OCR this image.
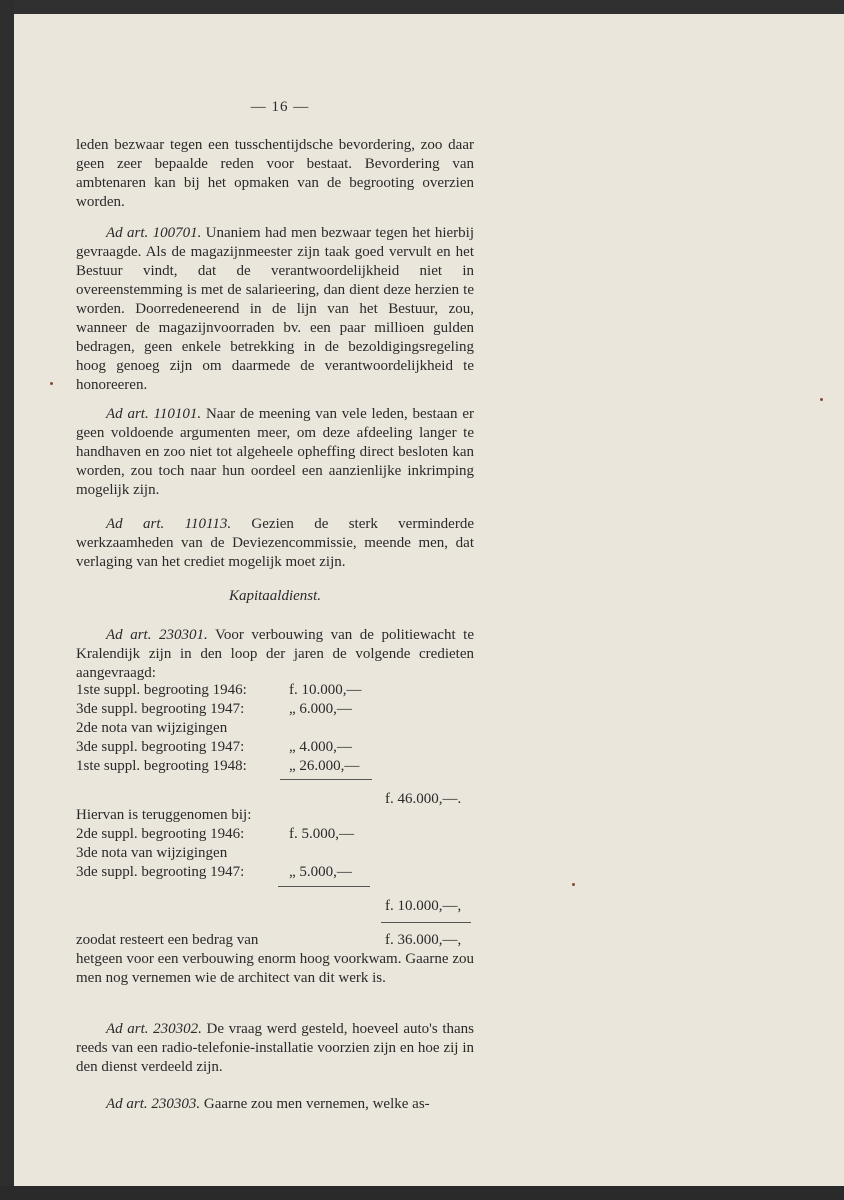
— 16 —

leden bezwaar tegen een tusschentijdsche bevordering, zoo daar geen zeer bepaalde reden voor bestaat. Bevordering van ambtenaren kan bij het opmaken van de begrooting overzien worden.

Ad art. 100701. Unaniem had men bezwaar tegen het hierbij gevraagde. Als de magazijnmeester zijn taak goed vervult en het Bestuur vindt, dat de verantwoordelijkheid niet in overeenstemming is met de salarieering, dan dient deze herzien te worden. Doorredeneerend in de lijn van het Bestuur, zou, wanneer de magazijnvoorraden bv. een paar millioen gulden bedragen, geen enkele betrekking in de bezoldigingsregeling hoog genoeg zijn om daarmede de verantwoordelijkheid te honoreeren.

Ad art. 110101. Naar de meening van vele leden, bestaan er geen voldoende argumenten meer, om deze afdeeling langer te handhaven en zoo niet tot algeheele opheffing direct besloten kan worden, zou toch naar hun oordeel een aanzienlijke inkrimping mogelijk zijn.

Ad art. 110113. Gezien de sterk verminderde werkzaamheden van de Deviezencommissie, meende men, dat verlaging van het crediet mogelijk moet zijn.

Kapitaaldienst.

Ad art. 230301. Voor verbouwing van de politiewacht te Kralendijk zijn in den loop der jaren de volgende credieten aangevraagd:

1ste suppl. begrooting 1946:	f. 10.000,—
3de suppl. begrooting 1947:	„ 6.000,—
2de nota van wijzigingen
3de suppl. begrooting 1947:	„ 4.000,—
1ste suppl. begrooting 1948:	„ 26.000,—
f. 46.000,—.
Hiervan is teruggenomen bij:
2de suppl. begrooting 1946:	f. 5.000,—
3de nota van wijzigingen
3de suppl. begrooting 1947:	„ 5.000,—
f. 10.000,—,
zoodat resteert een bedrag van	f. 36.000,—,

hetgeen voor een verbouwing enorm hoog voorkwam. Gaarne zou men nog vernemen wie de architect van dit werk is.

Ad art. 230302. De vraag werd gesteld, hoeveel auto's thans reeds van een radio-telefonie-installatie voorzien zijn en hoe zij in den dienst verdeeld zijn.

Ad art. 230303. Gaarne zou men vernemen, welke as-
